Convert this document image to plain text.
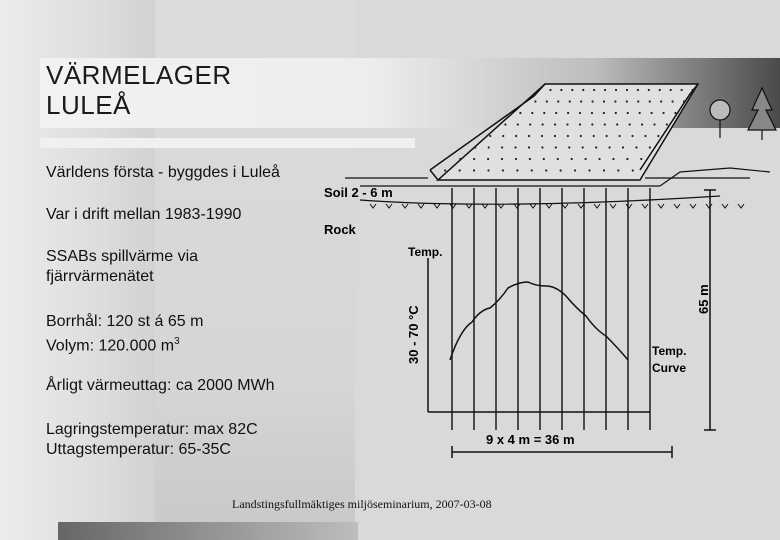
VÄRMELAGER
LULEÅ
Världens första - byggdes i Luleå
Var i drift mellan 1983-1990
SSABs spillvärme via
fjärrvärmenätet
Borrhål: 120 st á 65 m
Volym: 120.000 $m^3$
Årligt värmeuttag: ca 2000 MWh
Lagringstemperatur: max 82C
Uttagstemperatur: 65-35C
Landstingsfullmäktiges miljöseminarium, 2007-03-08
Soil 2 - 6 m
Rock
Temp.
30 - 70 °C
65 m
Temp.
Curve
9 x 4 m = 36 m
